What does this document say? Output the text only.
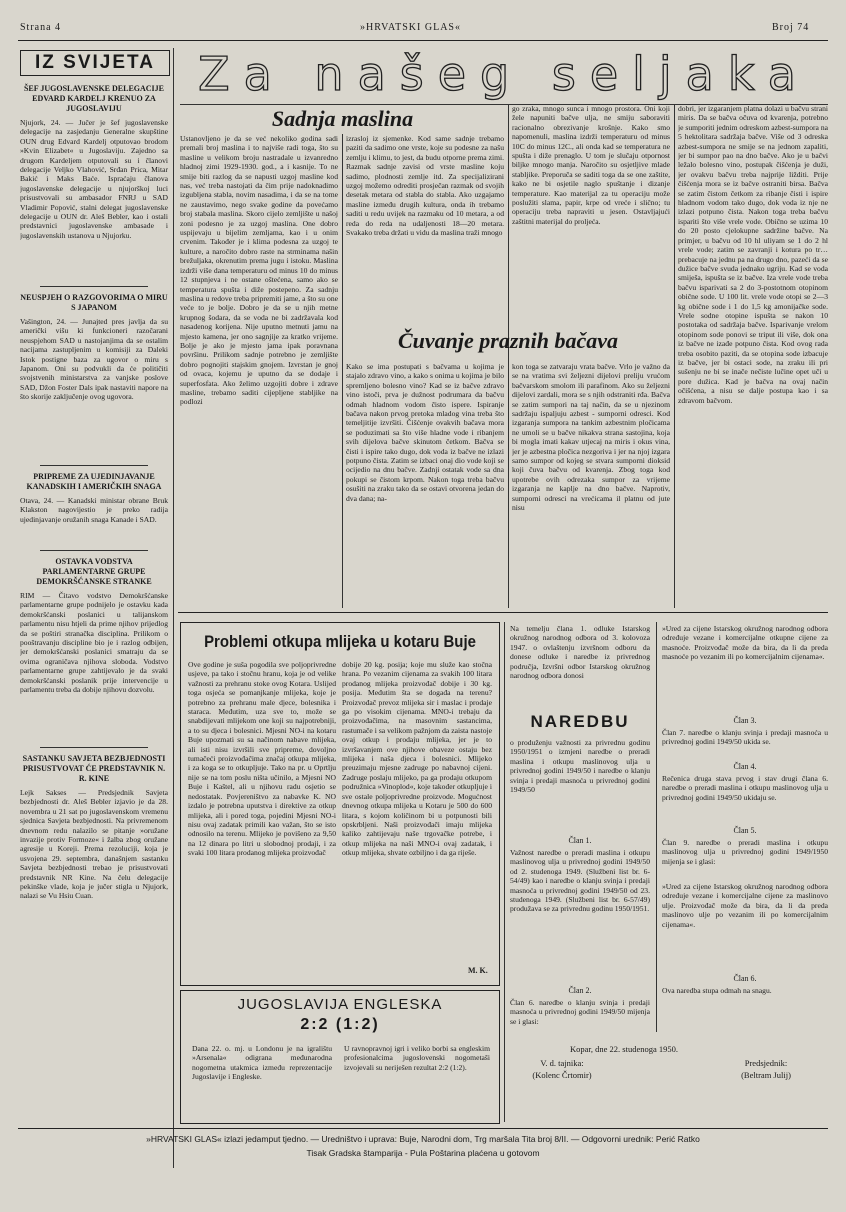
Strana 4	»HRVATSKI GLAS«	Broj 74
IZ SVIJETA
ŠEF JUGOSLAVENSKE DELEGACIJE EDVARD KARDELJ KRENUO ZA JUGOSLAVIJU
Njujork, 24. — Jučer je šef jugoslavenske delegacije na zasjedanju Generalne skupštine OUN drug Edvard Kardelj otputovao brodom »Kvin Elizabet« u Jugoslaviju. Zajedno sa drugom Kardeljem otputovali su i članovi delegacije Veljko Vlahović, Srđan Prica, Mitar Bakić i Maks Baće. Ispraćaju članova jugoslavenske delegacije u njujorškoj luci prisustvovali su ambasador FNRJ u SAD Vladimir Popović, stalni delegat jugoslavenske delegacije u OUN dr. Aleš Bebler, kao i ostali predstavnici jugoslavenske ambasade i jugoslavenskih ustanova u Njujorku.
NEUSPJEH O RAZGOVORIMA O MIRU S JAPANOM
Vašington, 24. — Junajted pres javlja da su američki višu ki funkcioneri razočarani neuspjehom SAD u nastojanjima da se ostalim nacijama zastupljenim u komisiji za Daleki Istok postigne baza za ugovor o miru s Japanom. Oni su podvukli da će političiti svojstvenih ministarstva za vanjske poslove SAD, Džon Foster Dals ipak nastaviti napore na što skorije zaključenje ovog ugovora.
PRIPREME ZA UJEDINJAVANJE KANADSKIH I AMERIČKIH SNAGA
Otava, 24. — Kanadski ministar obrane Bruk Klakston nagovijestio je preko radija ujedinjavanje oružanih snaga Kanade i SAD.
OSTAVKA VODSTVA PARLAMENTARNE GRUPE DEMOKRŠĆANSKE STRANKE
RIM — Čitavo vodstvo Demokršćanske parlamentarne grupe podnijelo je ostavku kada demokršćanski poslanici u talijanskom parlamentu nisu htjeli da prime njihov prijedlog da se poštiri stranačka disciplina. Prilikom o pooštravanju discipline bio je i razlog odbijen, jer demokršćanski poslanici smatraju da se ovima ograničava njihova sloboda. Vodstvo parlamentarne grupe zahtijevalo je da svaki demokršćanski poslanik prije intervencije u parlamentu treba da dobije njihovu dozvolu.
SASTANKU SAVJETA BEZBJEDNOSTI PRISUSTVOVAT ĆE PREDSTAVNIK N. R. KINE
Lejk Sakses — Predsjednik Savjeta bezbjednosti dr. Aleš Bebler izjavio je da 28. novembra u 21 sat po jugoslavenskom vremenu sjednica Savjeta bezbjednosti. Na privremenom dnevnom redu nalazilo se pitanje »oružane invazije protiv Formoze« i žalba zbog oružane agresije u Koreji. Prema rezoluciji, koja je usvojena 29. septembra, današnjem sastanku Savjeta bezbjednosti trebao je prisustvovati predstavnik NR Kine. Na čelu delegacije pekinške vlade, koja je jučer stigla u Njujork, nalazi se Vu Hsiu Cuan.
Za našeg seljaka
Sadnja maslina
Ustanovljeno je da se već nekoliko godina sadi premali broj maslina i to najviše radi toga, što su masline u velikom broju nastradale u izvanredno hladnoj zimi 1929-1930. god., a i kasnije. To ne smije biti razlog da se napusti uzgoj masline kod nas, već treba nastojati da čim prije nadoknadimo izgubljena stabla, novim nasadima, i da se na tome ne zaustavimo, nego svake godine da povećamo broj stabala maslina. Skoro cijelo zemljište u našoj zoni podesno je za uzgoj maslina. One dobro uspijevaju u bijelim zemljama, kao i u onim crvenim. Također je i klima podesna za uzgoj te kulture, a naročito dobro raste na strminama našin brežuljaka, okrenutim prema jugu i istoku. Maslina izdrži više dana temperaturu od minus 10 do minus 12 stupnjeva i ne ostane oštećena, samo ako se temperatura spušta i diže postepeno. Za sadnju maslina u redove treba pripremiti jame, a što su one veće to je bolje. Dobro je da se u njih metne krupnog šodara, da se voda ne bi zadržavala kod nasadenog korijena. Nije uputno metnuti jamu na mjesto kamena, jer ono sagnjije za kratko vrijeme. Bolje je ako je mjesto jama ipak poravnana površinu. Prilikom sadnje potrebno je zemljište dobro pognojiti stajskim gnojem. Izvrstan je gnoj od ovaca, kojemu je uputno da se dodaje i superfosfata. Ako želimo uzgojiti dobre i zdrave masline, trebamo saditi cijepljene stabljike na podlozi
izrasloj iz sjemenke. Kod same sadnje trebamo paziti da sadimo one vrste, koje su podesne za našu zemlju i klimu, to jest, da budu otporne prema zimi. Razmak sadnje zavisi od vrste masline koju sadimo, plodnosti zemlje itd. Za specijalizirani uzgoj možemo odrediti prosječan razmak od svojih desetak metara od stabla do stabla. Ako uzgajamo masline između drugih kultura, onda ih trebamo saditi u redu uvijek na razmaku od 10 metara, a od reda do reda na udaljenosti 18—20 metara. Svakako treba držati u vidu da maslina traži mnogo
go zraka, mnogo sunca i mnogo prostora. Oni koji žele napuniti bačve ulja, ne smiju saboraviti racionalno obrezivanje krošnje. Kako smo napomenuli, maslina izdrži temperaturu od minus 10C do minus 12C., ali onda kad se temperatura ne spušta i diže prenaglo. U tom je slučaju otpornost biljke mnogo manja. Naročito su osjetljive mlade stabljike. Preporuča se saditi toga da se one zaštite, kako ne bi osjetile naglo spuštanje i dizanje temperature. Kao materijal za tu operaciju može poslužiti slama, papir, krpe od vreće i slično; tu operaciju treba napraviti u jesen. Ostavljajući zaštitni materijal do proljeća.
Čuvanje praznih bačava
Kako se ima postupati s bačvama u kojima je stajalo zdravo vino, a kako s onima u kojima je bilo spremljeno bolesno vino? Kad se iz bačve zdravo vino istoči, prva je dužnost podrumara da bačvu odmah hladnom vodom čisto ispere. Ispiranje bačava nakon prvog pretoka mladog vina treba što temeljitije izvršiti. Čišćenje ovakvih bačava mora se poduzimati sa što više hladne vode i ribanjem svih dijelova bačve skinutom četkom. Bačva se čisti i ispire tako dugo, dok voda iz bačve ne izlazi potpuno čista. Zatim se izbaci onaj dio vode koji se ocijedio na dnu bačve. Zadnji ostatak vode sa dna pokupi se čistom krpom. Nakon toga treba bačvu osušiti na zraku tako da se ostavi otvorena jedan do dva dana; na-
kon toga se zatvaraju vrata bačve. Vrlo je važno da se na vratima svi željezni dijelovi preliju vrućom bačvarskom smolom ili parafinom. Ako su željezni dijelovi zardali, mora se s njih odstraniti rđa. Bačva se zatim sumpori na taj način, da se u njezinom sadržaju ispaljuju azbest - sumporni odresci. Kod izgaranja sumpora na tankim azbestnim pločicama ne umoli se u bačve nikakva strana sastojina, koja bi mogla imati kakav utjecaj na miris i okus vina, jer je azbestna pločica nezgoriva i jer na njoj izgara samo sumpor od kojeg se stvara sumporni dioksid koji čuva bačvu od kvarenja. Zbog toga kod upotrebe ovih odrezaka sumpor za vrijeme izgaranja ne kaplje na dno bačve. Naprotiv, sumporni odresci na vrećicama il platnu od jute nisu
dobri, jer izgaranjem platna dolazi u bačvu strani miris. Da se bačva očuva od kvarenja, potrebno je sumporiti jednim odreskom azbest-sumpora na 5 hektolitara sadržaja bačve. Više od 3 odreska azbest-sumpora ne smije se na jednom zapaliti, jer bi sumpor pao na dno bačve. Ako je u bačvi ležalo bolesno vino, postupak čišćenja je duži, jer ovakvu bačvu treba najprije ližditi. Prije čišćenja mora se iz bačve ostraniti birsa. Bačva se zatim čistom četkom za ribanje čisti i ispire hladnom vodom tako dugo, dok voda iz nje ne izlazi potpuno čista. Nakon toga treba bačvu ispariti što više vrele vode. Obično se uzima 10 do 20 posto cjelokupne sadržine bačve. Na primjer, u bačvu od 10 hl uliyam se 1 do 2 hl vrele vode; zatim se zavranji i kotura po tr… prebacuje na jednu pa na drugo dno, pazeći da se dužice bačve svuda jednako ugriju. Kad se voda smiješa, ispušta se iz bačve. Iza vrele vode treba bačvu isparivati sa 2 do 3-postotnom otopinom obične sode. U 100 lit. vrele vode otopi se 2—3 kg obične sode i 1 do 1,5 kg amonijačke sode. Vrele sodne otopine ispušta se nakon 10 postotaka od sadržaja bačve. Isparivanje vrelom otopinom sode ponovi se triput ili više, dok ona iz bačve ne izađe potpuno čista. Kod ovog rada treba osobito paziti, da se otopina sode izbacuje iz bačve, jer bi ostaci sode, na zraku ili pri sušenju ne bi se inače nečiste lučine opet uči u pore dužica. Kad je bačva na ovaj način očišćena, a nisu se dalje postupa kao i sa zdravom bačvom.
Problemi otkupa mlijeka u kotaru Buje
Ove godine je suša pogodila sve poljoprivredne usjeve, pa tako i stočnu hranu, koja je od velike važnosti za prehranu stoke ovog Kotara. Uslijed toga osjeća se pomanjkanje mlijeka, koje je potrebno za prehranu male djece, bolesnika i staraca. Međutim, uza sve to, može se snabdijevati mlijekom one koji su najpotrebniji, a to su djeca i bolesnici. Mjesni NO-i na kotaru Buje upozmati su sa načinom nabave mlijeka, ali isti nisu izvršili sve pripreme, dovoljno tumačeći proizvođačima značaj otkupa mlijeka, i za koga se to otkupljuje. Tako na pr. u Oprtlju nije se na tom poslu ništa učinilo, a Mjesni NO Buje i Kaštel, ali u njihovu radu osjetio se nedostatak. Povjereništvo za nabavke K. NO izdalo je potrebna uputstva i direktive za otkup mlijeka, ali i pored toga, pojedini Mjesni NO-i nisu ovaj zadatak primili kao važan, što se isto odnosilo na terenu. Mlijeko je povišeno za 9,50 na 12 dinara po litri u slobodnoj prodaji, i za svaki 100 litara prodanog mlijeka proizvođač
dobije 20 kg. posija; koje mu služe kao stočna hrana. Po vezanim cijenama za svakih 100 litara prodanog mlijeka proizvođač dobije i 30 kg. posija. Međutim šta se događa na terenu? Proizvođač prevoz mlijeka sir i maslac i prodaje ga po visokim cijenama. MNO-i trebaju da proizvođačima, na masovnim sastancima, rastumače i sa velikom pažnjom da zaista nastoje ovaj otkup i prodaju mlijeka, jer je to izvršavanjem ove njihove obaveze ostaju bez mlijeka i naša djeca i bolesnici. Mlijeko preuzimaju mjesne zadruge po nabavnoj cijeni. Zadruge poslaju mlijeko, pa ga prodaju otkupom podružnica »Vinoplod«, koje također otkupljuje i sve ostale poljoprivredne proizvode. Mogućnost dnevnog otkupa mlijeka u Kotaru je 500 do 600 litara, s kojom količinom bi u potpunosti bili opskrbljeni. Naši proizvođači imaju mlijeka kaliko zahtijevaju naše trgovačke potrebe, i otkup mlijeka na naši MNO-i ovaj zadatak, i otkup mlijeka, shvate ozbiljno i da ga riješe.
M. K.
JUGOSLAVIJA ENGLESKA
2:2 (1:2)
Dana 22. o. mj. u Londonu je na igralištu »Arsenala« odigrana međunarodna nogometna utakmica između reprezentacije Jugoslavije i Engleske.
U ravnopravnoj igri i veliko borbi sa engleskim profesionalcima jugoslovenski nogometaši izvojevali su neriješen rezultat 2:2 (1:2).
Na temelju člana 1. odluke Istarskog okružnog narodnog odbora od 3. kolovoza 1947. o ovlaštenju izvršnom odboru da donese odluke i naredbe iz privrednog područja, Izvršni odbor Istarskog okružnog narodnog odbora donosi
NAREDBU
o produženju važnosti za privrednu godinu 1950/1951 o izmjeni naredbe o preradi maslina i otkupu maslinovog ulja u privrednoj godini 1949/50 i naredbe o klanju svinja i predaji masnoća u privrednoj godini 1949/50
Član 1.
Važnost naredbe o preradi maslina i otkupu maslinovog ulja u privrednoj godini 1949/50 od 2. studenoga 1949. (Službeni list br. 6-54/49) kao i naredbe o klanju svinja i predaji masnoća u privrednoj godini 1949/50 od 23. studenoga 1949. (Službeni list br. 6-57/49) produžava se za privrednu godinu 1950/1951.
Član 2.
Član 6. naredbe o klanju svinja i predaji masnoća u privrednoj godini 1949/50 mijenja se i glasi:
»Ured za cijene Istarskog okružnog narodnog odbora određuje vezane i komercijalne otkupne cijene za masnoće. Proizvođač može da bira, da li da preda masnoće po vezanim ili po komercijalnim cijenama«.
Član 3.
Član 7. naredbe o klanju svinja i predaji masnoća u privrednoj godini 1949/50 ukida se.
Član 4.
Rečenica druga stava prvog i stav drugi člana 6. naredbe o preradi maslina i otkupu maslinovog ulja u privrednoj godini 1949/50 ukidaju se.
Član 5.
Član 9. naredbe o preradi maslina i otkupu maslinovog ulja u privrednoj godini 1949/1950 mijenja se i glasi:
»Ured za cijene Istarskog okružnog narodnog odbora određuje vezane i komercijalne cijene za maslinovo ulje. Proizvođač može da bira, da li da preda maslinovo ulje po vezanim ili po komercijalnim cijenama«.
Član 6.
Ova naredba stupa odmah na snagu.
Kopar, dne 22. studenoga 1950.
V. d. tajnika:
(Kolenc Črtomir)
Predsjednik:
(Beltram Julij)
»HRVATSKI GLAS« izlazi jedamput tjedno. — Uredništvo i uprava: Buje, Narodni dom, Trg maršala Tita broj 8/II. — Odgovorni urednik: Perić Ratko
Tisak Gradska štamparija - Pula Poštarina plaćena u gotovom
